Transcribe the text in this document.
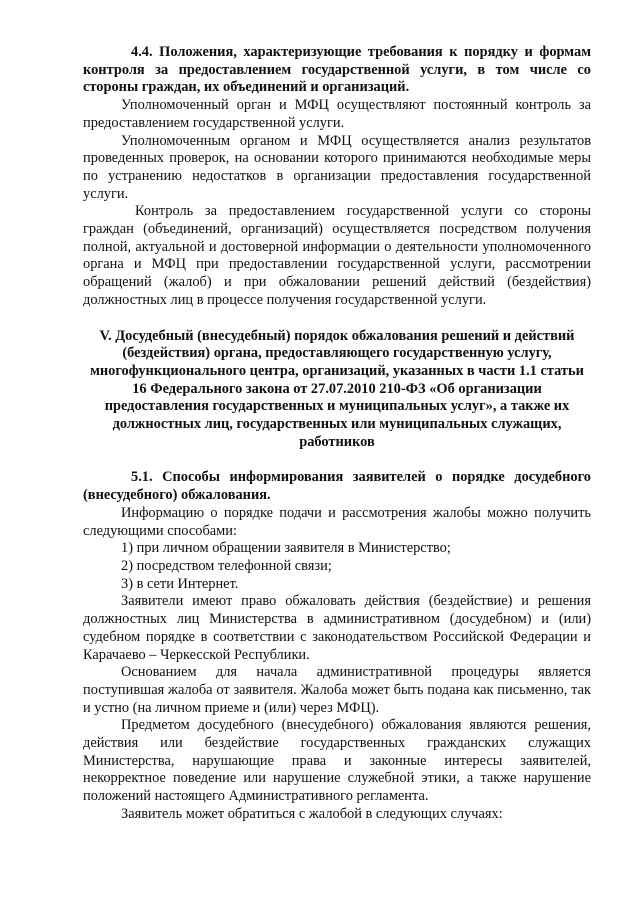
4.4. Положения, характеризующие требования к порядку и формам контроля за предоставлением государственной услуги, в том числе со стороны граждан, их объединений и организаций.

Уполномоченный орган и МФЦ осуществляют постоянный контроль за предоставлением государственной услуги.

Уполномоченным органом и МФЦ осуществляется анализ результатов проведенных проверок, на основании которого принимаются необходимые меры по устранению недостатков в организации предоставления государственной услуги.

Контроль за предоставлением государственной услуги со стороны граждан (объединений, организаций) осуществляется посредством получения полной, актуальной и достоверной информации о деятельности уполномоченного органа и МФЦ при предоставлении государственной услуги, рассмотрении обращений (жалоб) и при обжаловании решений действий (бездействия) должностных лиц в процессе получения государственной услуги.

V. Досудебный (внесудебный) порядок обжалования решений и действий (бездействия) органа, предоставляющего государственную услугу, многофункционального центра, организаций, указанных в части 1.1 статьи 16 Федерального закона от 27.07.2010 210-ФЗ «Об организации предоставления государственных и муниципальных услуг», а также их должностных лиц, государственных или муниципальных служащих, работников

5.1. Способы информирования заявителей о порядке досудебного (внесудебного) обжалования.

Информацию о порядке подачи и рассмотрения жалобы можно получить следующими способами:

1) при личном обращении заявителя в Министерство;

2) посредством телефонной связи;

3) в сети Интернет.

Заявители имеют право обжаловать действия (бездействие) и решения должностных лиц Министерства в административном (досудебном) и (или) судебном порядке в соответствии с законодательством Российской Федерации и Карачаево – Черкесской Республики.

Основанием для начала административной процедуры является поступившая жалоба от заявителя. Жалоба может быть подана как письменно, так и устно (на личном приеме и (или) через МФЦ).

Предметом досудебного (внесудебного) обжалования являются решения, действия или бездействие государственных гражданских служащих Министерства, нарушающие права и законные интересы заявителей, некорректное поведение или нарушение служебной этики, а также нарушение положений настоящего Административного регламента.

Заявитель может обратиться с жалобой в следующих случаях:
